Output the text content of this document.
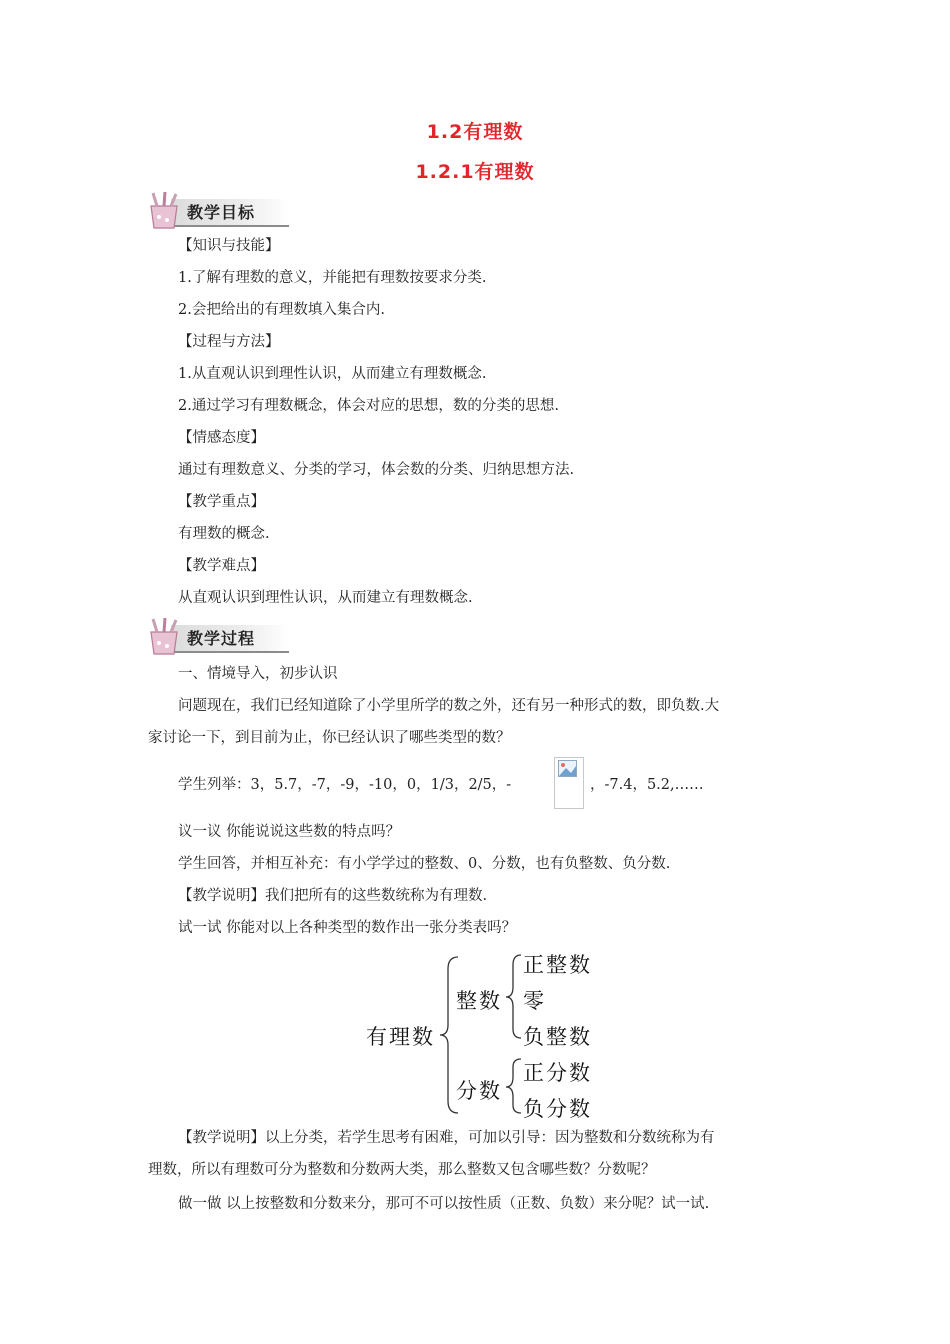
1.2有理数
1.2.1有理数
教学目标
【知识与技能】
1.了解有理数的意义，并能把有理数按要求分类.
2.会把给出的有理数填入集合内.
【过程与方法】
1.从直观认识到理性认识，从而建立有理数概念.
2.通过学习有理数概念，体会对应的思想，数的分类的思想.
【情感态度】
通过有理数意义、分类的学习，体会数的分类、归纳思想方法.
【教学重点】
有理数的概念.
【教学难点】
从直观认识到理性认识，从而建立有理数概念.
教学过程
一、情境导入，初步认识
问题现在，我们已经知道除了小学里所学的数之外，还有另一种形式的数，即负数.大
家讨论一下，到目前为止，你已经认识了哪些类型的数？
学生列举：3，5.7，-7，-9，-10，0，1/3，2/5，-	，-7.4，5.2,……
议一议 你能说说这些数的特点吗？
学生回答，并相互补充：有小学学过的整数、0、分数，也有负整数、负分数.
【教学说明】我们把所有的这些数统称为有理数.
试一试 你能对以上各种类型的数作出一张分类表吗？
有理数
整数
分数
正整数
零
负整数
正分数
负分数
【教学说明】以上分类，若学生思考有困难，可加以引导：因为整数和分数统称为有
理数，所以有理数可分为整数和分数两大类，那么整数又包含哪些数？分数呢？
做一做 以上按整数和分数来分，那可不可以按性质（正数、负数）来分呢？试一试.
